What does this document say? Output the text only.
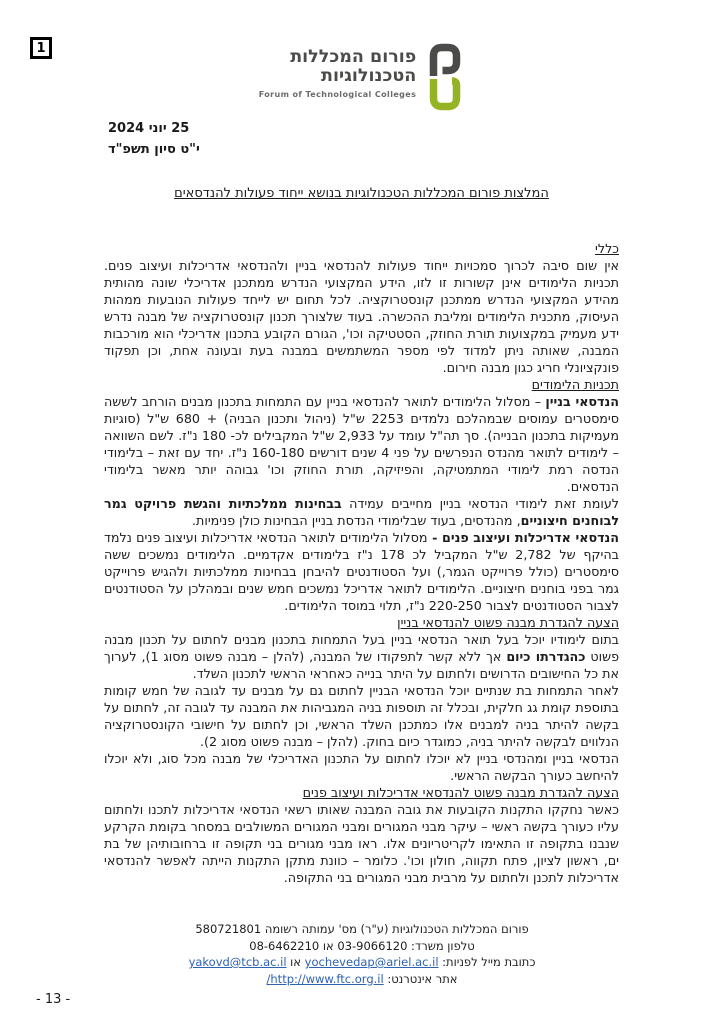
1	פורום המכללות
הטכנולוגיות
Forum of Technological Colleges
25 יוני 2024
י"ט סיון תשפ"ד
המלצות פורום המכללות הטכנולוגיות בנושא ייחוד פעולות להנדסאים
כללי

אין שום סיבה לכרוך סמכויות ייחוד פעולות להנדסאי בניין ולהנדסאי אדריכלות ועיצוב פנים. תכניות הלימודים אינן קשורות זו לזו, הידע המקצועי הנדרש ממתכנן אדריכלי שונה מהותית מהידע המקצועי הנדרש ממתכנן קונסטרוקציה. לכל תחום יש לייחד פעולות הנובעות ממהות העיסוק, מתכנית הלימודים ומליבת ההכשרה. בעוד שלצורך תכנון קונסטרוקציה של מבנה נדרש ידע מעמיק במקצועות תורת החוזק, הסטטיקה וכו', הגורם הקובע בתכנון אדריכלי הוא מורכבות המבנה, שאותה ניתן למדוד לפי מספר המשתמשים במבנה בעת ובעונה אחת, וכן תפקוד פונקציונלי חריג כגון מבנה חירום.

תכניות הלימודים

הנדסאי בניין – מסלול הלימודים לתואר להנדסאי בניין עם התמחות בתכנון מבנים הורחב לששה סימסטרים עמוסים שבמהלכם נלמדים 2253 ש"ל (ניהול ותכנון הבניה) + 680 ש"ל (סוגיות מעמיקות בתכנון הבנייה). סך תה"ל עומד על 2,933 ש"ל המקבילים לכ- 180 נ"ז. לשם השוואה – לימודים לתואר מהנדס הנפרשים על פני 4 שנים דורשים 160-180 נ"ז. יחד עם זאת – בלימודי הנדסה רמת לימודי המתמטיקה, והפיזיקה, תורת החוזק וכו' גבוהה יותר מאשר בלימודי הנדסאים.

לעומת זאת לימודי הנדסאי בניין מחייבים עמידה בבחינות ממלכתיות והגשת פרויקט גמר לבוחנים חיצוניים, מהנדסים, בעוד שבלימודי הנדסת בניין הבחינות כולן פנימיות.

הנדסאי אדריכלות ועיצוב פנים - מסלול הלימודים לתואר הנדסאי אדריכלות ועיצוב פנים נלמד בהיקף של 2,782 ש"ל המקביל לכ 178 נ"ז בלימודים אקדמיים. הלימודים נמשכים ששה סימסטרים (כולל פרוייקט הגמר,) ועל הסטודנטים להיבחן בבחינות ממלכתיות ולהגיש פרוייקט גמר בפני בוחנים חיצוניים. הלימודים לתואר אדריכל נמשכים חמש שנים ובמהלכן על הסטודנטים לצבור הסטודנטים לצבור 220-250 נ"ז, תלוי במוסד הלימודים.

הצעה להגדרת מבנה פשוט להנדסאי בניין

בתום לימודיו יוכל בעל תואר הנדסאי בניין בעל התמחות בתכנון מבנים לחתום על תכנון מבנה פשוט כהגדרתו כיום אך ללא קשר לתפקודו של המבנה, (להלן – מבנה פשוט מסוג 1), לערוך את כל החישובים הדרושים ולחתום על היתר בנייה כאחראי הראשי לתכנון השלד.

לאחר התמחות בת שנתיים יוכל הנדסאי הבניין לחתום גם על מבנים עד לגובה של חמש קומות בתוספת קומת גג חלקית, ובכלל זה תוספות בניה המגביהות את המבנה עד לגובה זה, לחתום על בקשה להיתר בניה למבנים אלו כמתכנן השלד הראשי, וכן לחתום על חישובי הקונסטרוקציה הנלווים לבקשה להיתר בניה, כמוגדר כיום בחוק. (להלן – מבנה פשוט מסוג 2).

הנדסאי בניין ומהנדסי בניין לא יוכלו לחתום על התכנון האדריכלי של מבנה מכל סוג, ולא יוכלו להיחשב כעורך הבקשה הראשי.

הצעה להגדרת מבנה פשוט להנדסאי אדריכלות ועיצוב פנים

כאשר נחקקו התקנות הקובעות את גובה המבנה שאותו רשאי הנדסאי אדריכלות לתכנו ולחתום עליו כעורך בקשה ראשי – עיקר מבני המגורים ומבני המגורים המשולבים במסחר בקומת הקרקע שנבנו בתקופה זו התאימו לקריטריונים אלו. ראו מבני מגורים בני תקופה זו ברחובותיהן של בת ים, ראשון לציון, פתח תקווה, חולון וכו'. כלומר – כוונת מתקן התקנות הייתה לאפשר להנדסאי אדריכלות לתכנן ולחתום על מרבית מבני המגורים בני התקופה.

פורום המכללות הטכנולוגיות (ע"ר) מס' עמותה רשומה 580721801
טלפון משרד: 03-9066120 או 08-6462210
כתובת מייל לפניות: yochevedap@ariel.ac.il או yakovd@tcb.ac.il
אתר אינטרנט: http://www.ftc.org.il/
- 13 -
